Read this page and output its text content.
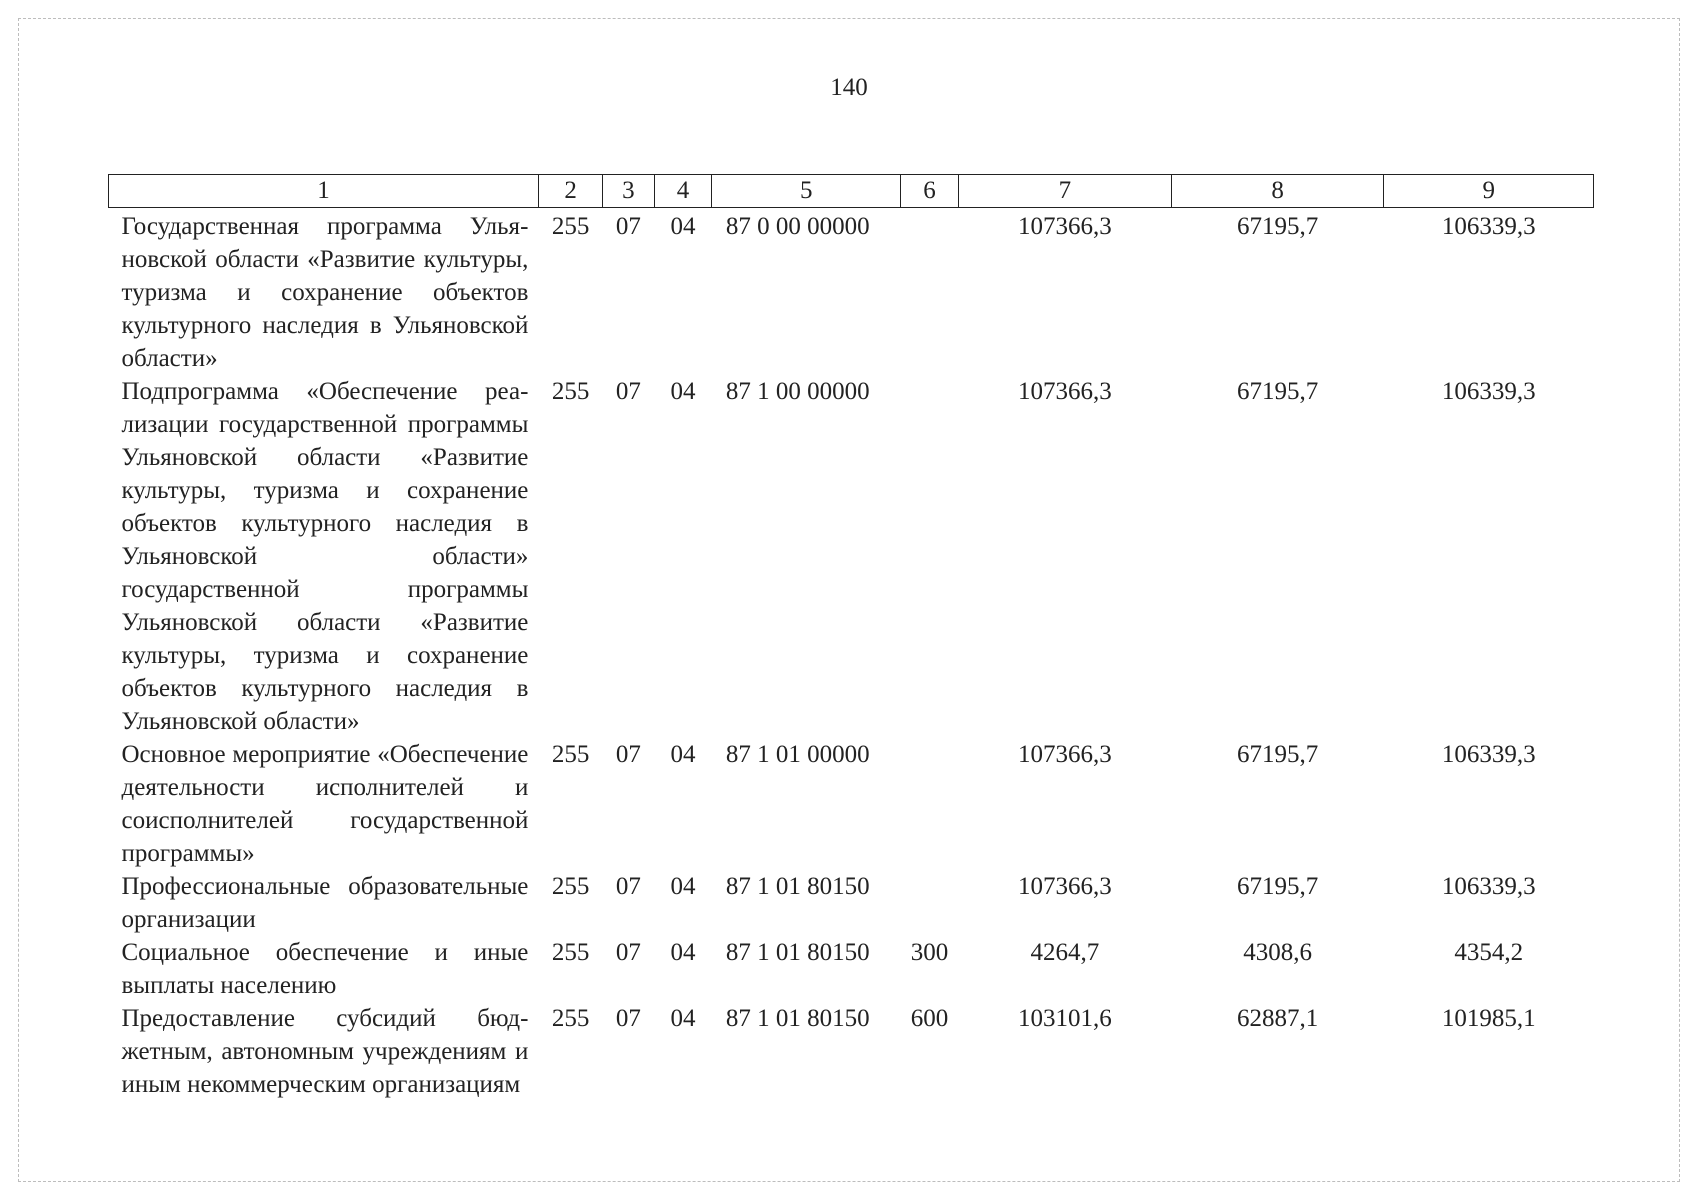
140
1	2	3	4	5	6	7	8	9
Государственная программа Ульяновской области «Развитие культуры, туризма и сохранение объектов культурного наследия в Ульяновской области»	255	07	04	87 0 00 00000		107366,3	67195,7	106339,3
Подпрограмма «Обеспечение реализации государственной программы Ульяновской области «Развитие культуры, туризма и сохранение объектов культурного наследия в Ульяновской области» государственной программы Ульяновской области «Развитие культуры, туризма и сохранение объектов культурного наследия в Ульяновской области»	255	07	04	87 1 00 00000		107366,3	67195,7	106339,3
Основное мероприятие «Обеспечение деятельности исполнителей и соисполнителей государственной программы»	255	07	04	87 1 01 00000		107366,3	67195,7	106339,3
Профессиональные образовательные организации	255	07	04	87 1 01 80150		107366,3	67195,7	106339,3
Социальное обеспечение и иные выплаты населению	255	07	04	87 1 01 80150	300	4264,7	4308,6	4354,2
Предоставление субсидий бюджетным, автономным учреждениям и иным некоммерческим организациям	255	07	04	87 1 01 80150	600	103101,6	62887,1	101985,1
